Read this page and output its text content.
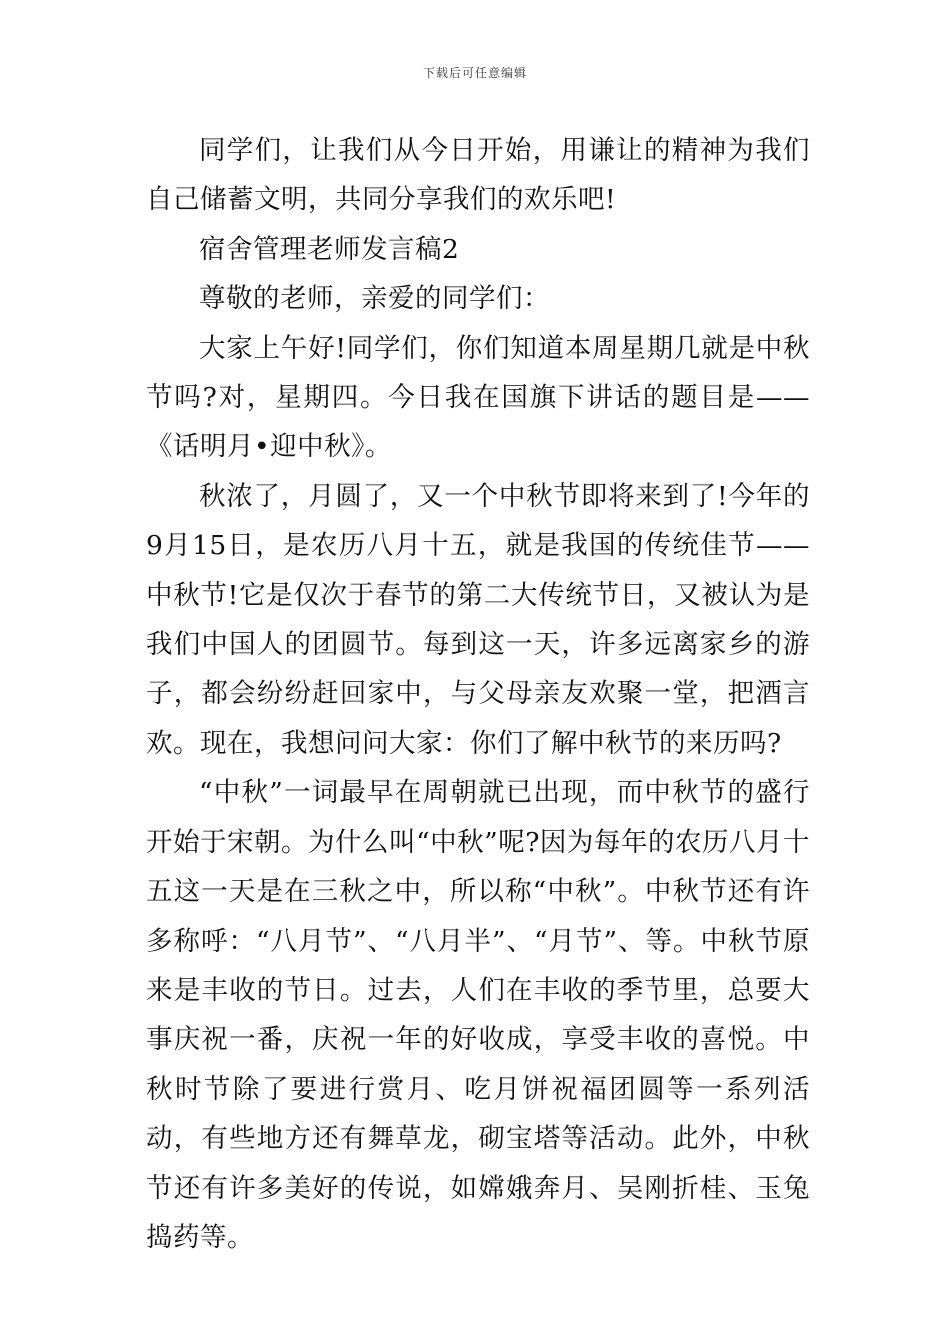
下载后可任意编辑

同学们，让我们从今日开始，用谦让的精神为我们自己储蓄文明，共同分享我们的欢乐吧!

宿舍管理老师发言稿2

尊敬的老师，亲爱的同学们：

大家上午好!同学们，你们知道本周星期几就是中秋节吗?对，星期四。今日我在国旗下讲话的题目是——《话明月•迎中秋》。

秋浓了，月圆了，又一个中秋节即将来到了!今年的9月15日，是农历八月十五，就是我国的传统佳节——中秋节!它是仅次于春节的第二大传统节日，又被认为是我们中国人的团圆节。每到这一天，许多远离家乡的游子，都会纷纷赶回家中，与父母亲友欢聚一堂，把酒言欢。现在，我想问问大家：你们了解中秋节的来历吗?

“中秋”一词最早在周朝就已出现，而中秋节的盛行开始于宋朝。为什么叫“中秋”呢?因为每年的农历八月十五这一天是在三秋之中，所以称“中秋”。中秋节还有许多称呼：“八月节”、“八月半”、“月节”、等。中秋节原来是丰收的节日。过去，人们在丰收的季节里，总要大事庆祝一番，庆祝一年的好收成，享受丰收的喜悦。中秋时节除了要进行赏月、吃月饼祝福团圆等一系列活动，有些地方还有舞草龙，砌宝塔等活动。此外，中秋节还有许多美好的传说，如嫦娥奔月、吴刚折桂、玉兔捣药等。
